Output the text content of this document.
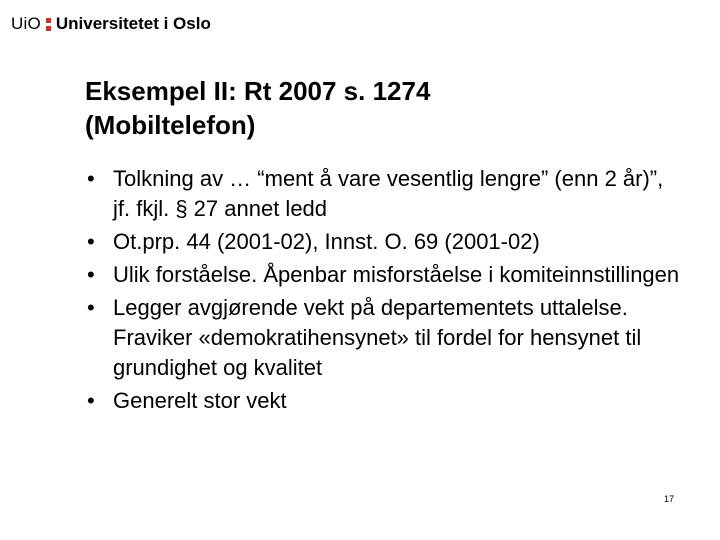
UiO Universitetet i Oslo
Eksempel II: Rt 2007 s. 1274
(Mobiltelefon)
• Tolkning av … “ment å vare vesentlig lengre” (enn 2 år)”, jf. fkjl. § 27 annet ledd
• Ot.prp. 44 (2001-02), Innst. O. 69 (2001-02)
• Ulik forståelse. Åpenbar misforståelse i komiteinnstillingen
• Legger avgjørende vekt på departementets uttalelse. Fraviker «demokratihensynet» til fordel for hensynet til grundighet og kvalitet
• Generelt stor vekt
17
